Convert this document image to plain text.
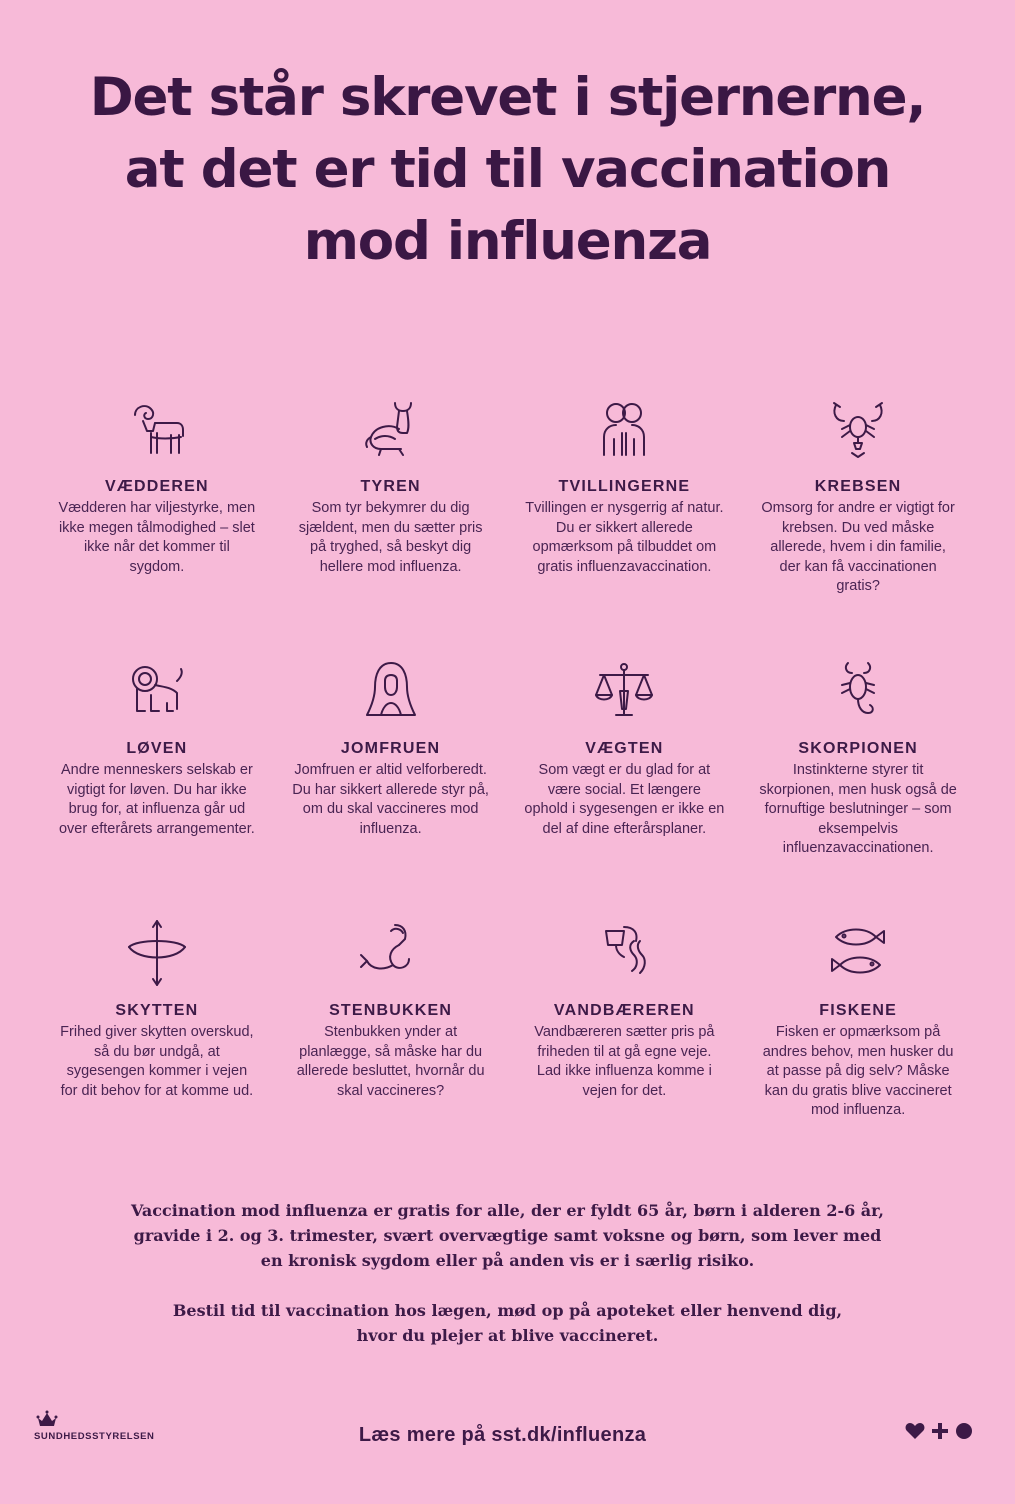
Det står skrevet i stjernerne,
at det er tid til vaccination
mod influenza
VÆDDEREN
Vædderen har viljestyrke, men ikke megen tålmodighed – slet ikke når det kommer til sygdom.
TYREN
Som tyr bekymrer du dig sjældent, men du sætter pris på tryghed, så beskyt dig hellere mod influenza.
TVILLINGERNE
Tvillingen er nysgerrig af natur. Du er sikkert allerede opmærksom på tilbuddet om gratis influenzavaccination.
KREBSEN
Omsorg for andre er vigtigt for krebsen. Du ved måske allerede, hvem i din familie, der kan få vaccinationen gratis?
LØVEN
Andre menneskers selskab er vigtigt for løven. Du har ikke brug for, at influenza går ud over efterårets arrangementer.
JOMFRUEN
Jomfruen er altid velforberedt. Du har sikkert allerede styr på, om du skal vaccineres mod influenza.
VÆGTEN
Som vægt er du glad for at være social. Et længere ophold i sygesengen er ikke en del af dine efterårsplaner.
SKORPIONEN
Instinkterne styrer tit skorpionen, men husk også de fornuftige beslutninger – som eksempelvis influenzavaccinationen.
SKYTTEN
Frihed giver skytten overskud, så du bør undgå, at sygesengen kommer i vejen for dit behov for at komme ud.
STENBUKKEN
Stenbukken ynder at planlægge, så måske har du allerede besluttet, hvornår du skal vaccineres?
VANDBÆREREN
Vandbæreren sætter pris på friheden til at gå egne veje. Lad ikke influenza komme i vejen for det.
FISKENE
Fisken er opmærksom på andres behov, men husker du at passe på dig selv? Måske kan du gratis blive vaccineret mod influenza.
Vaccination mod influenza er gratis for alle, der er fyldt 65 år, børn i alderen 2-6 år,
gravide i 2. og 3. trimester, svært overvægtige samt voksne og børn, som lever med
en kronisk sygdom eller på anden vis er i særlig risiko.
Bestil tid til vaccination hos lægen, mød op på apoteket eller henvend dig,
hvor du plejer at blive vaccineret.
SUNDHEDSSTYRELSEN	Læs mere på sst.dk/influenza
